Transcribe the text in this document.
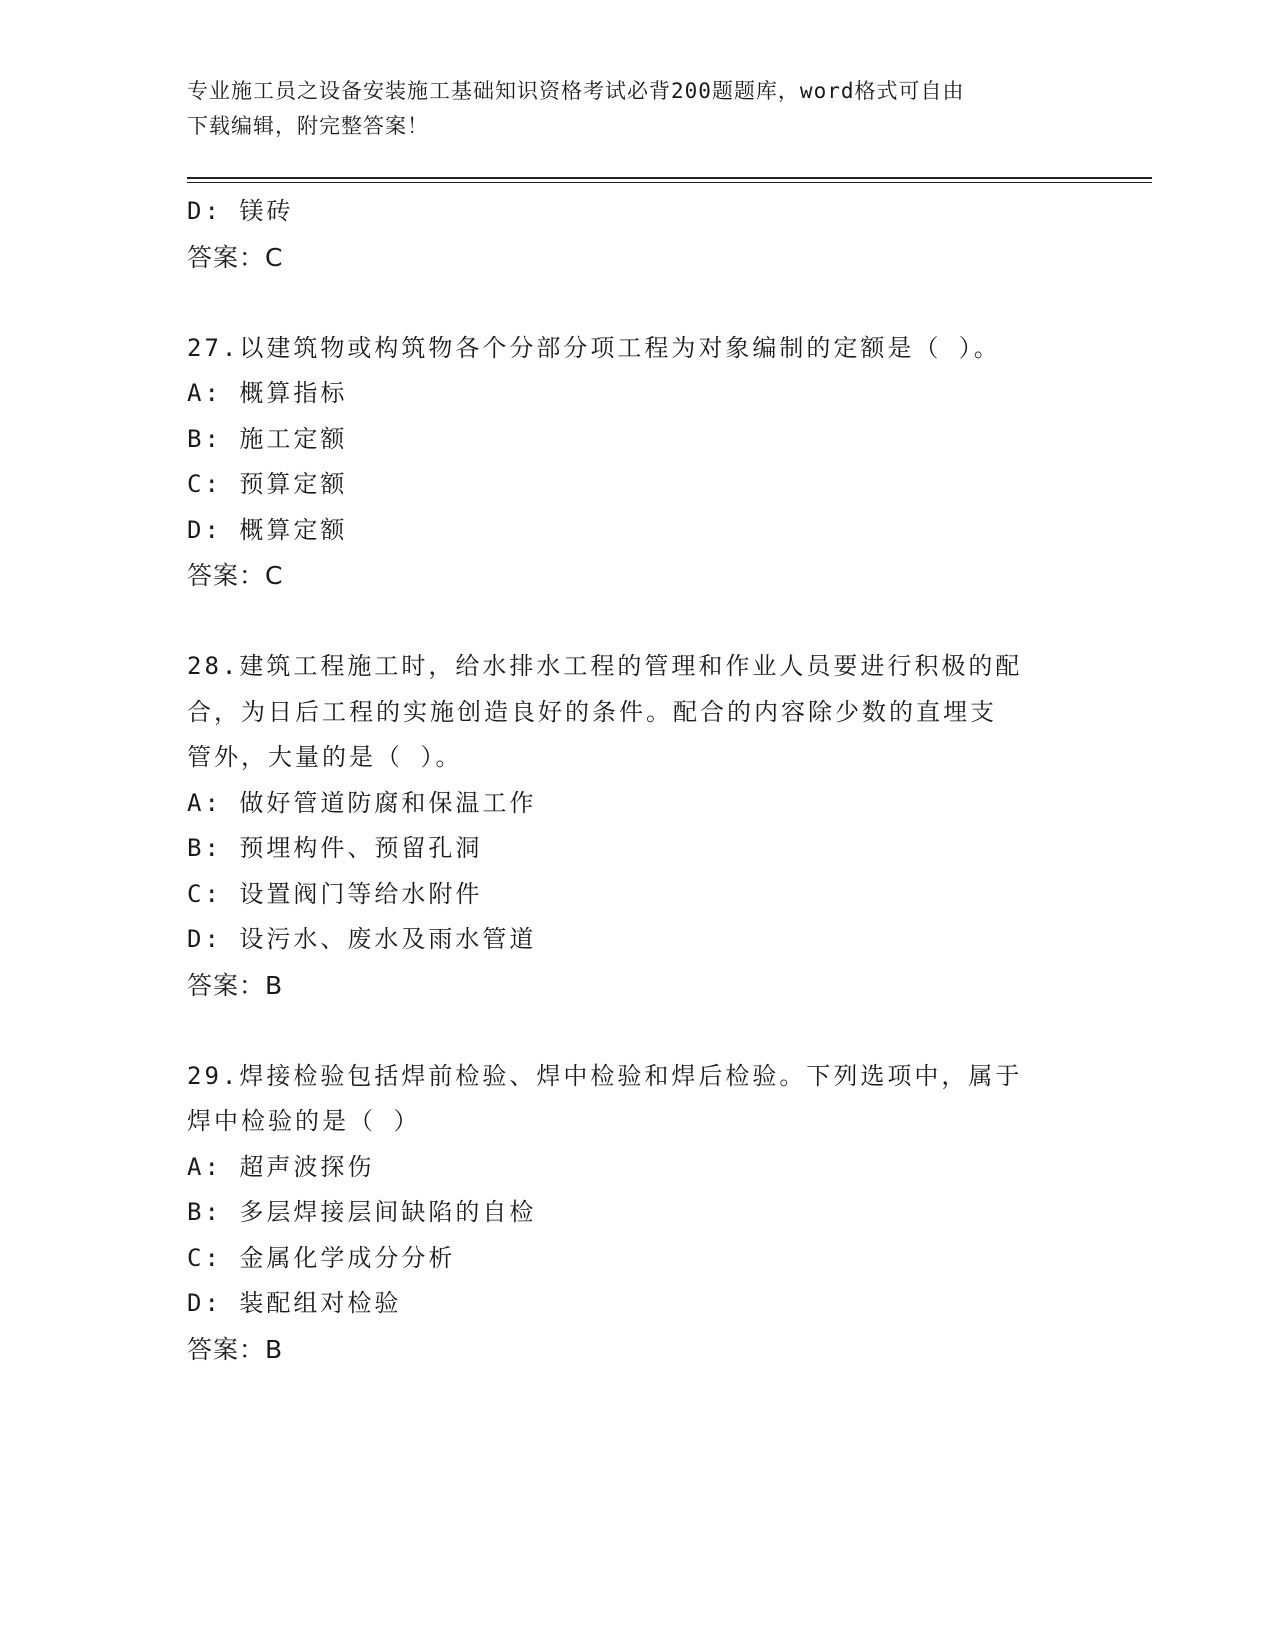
专业施工员之设备安装施工基础知识资格考试必背200题题库，word格式可自由
下载编辑，附完整答案！
D: 镁砖
答案：C
27.以建筑物或构筑物各个分部分项工程为对象编制的定额是（ ）。
A: 概算指标
B: 施工定额
C: 预算定额
D: 概算定额
答案：C
28.建筑工程施工时，给水排水工程的管理和作业人员要进行积极的配
合，为日后工程的实施创造良好的条件。配合的内容除少数的直埋支
管外，大量的是（ ）。
A: 做好管道防腐和保温工作
B: 预埋构件、预留孔洞
C: 设置阀门等给水附件
D: 设污水、废水及雨水管道
答案：B
29.焊接检验包括焊前检验、焊中检验和焊后检验。下列选项中，属于
焊中检验的是（ ）
A: 超声波探伤
B: 多层焊接层间缺陷的自检
C: 金属化学成分分析
D: 装配组对检验
答案：B
